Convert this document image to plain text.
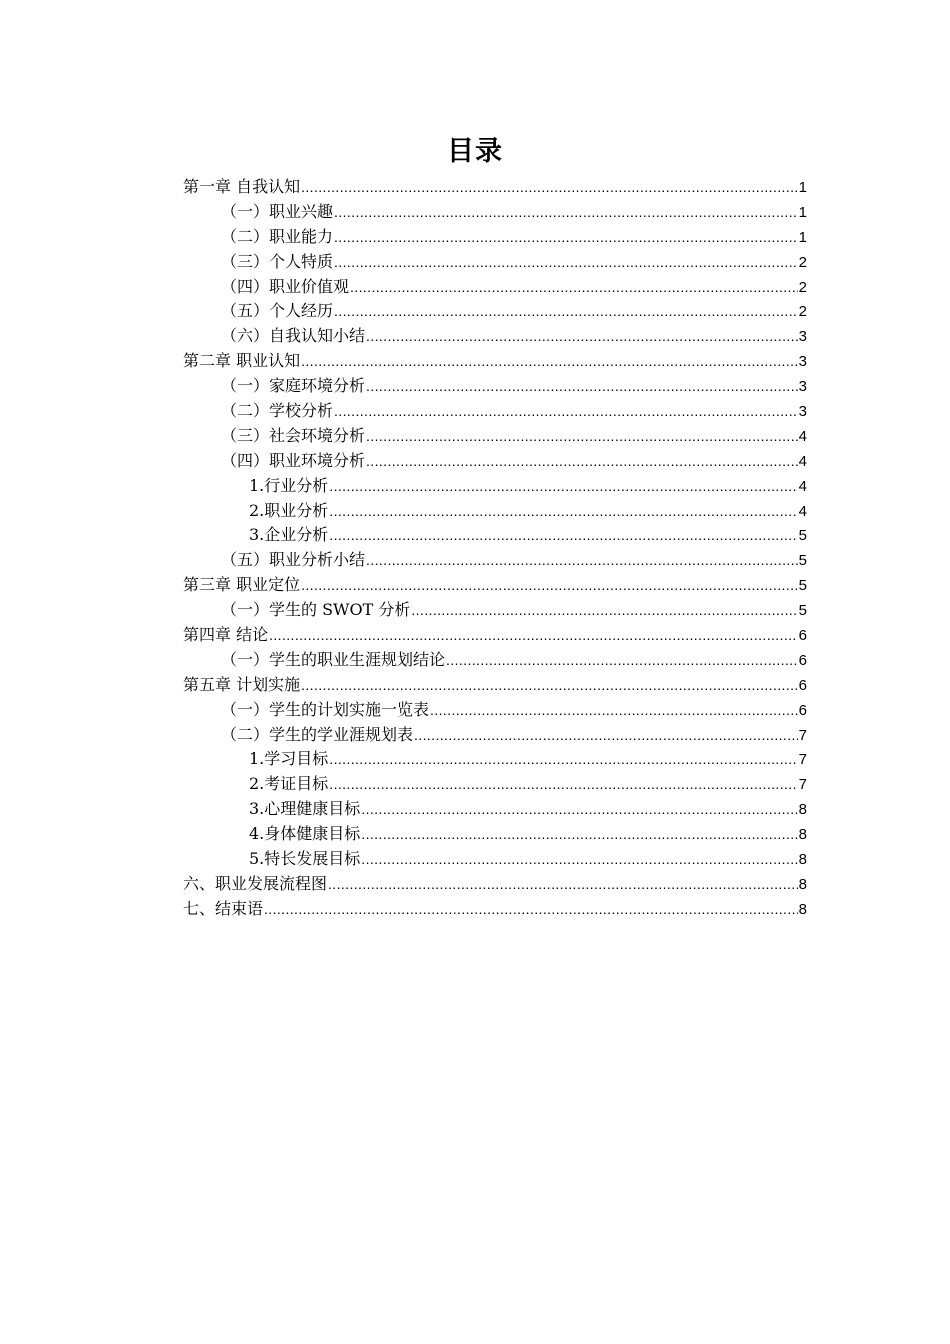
目录
第一章 自我认知 .....	1
（一）职业兴趣 .....	1
（二）职业能力 .....	1
（三）个人特质 .....	2
（四）职业价值观 .....	2
（五）个人经历 .....	2
（六）自我认知小结 .....	3
第二章 职业认知 .....	3
（一）家庭环境分析 .....	3
（二）学校分析 .....	3
（三）社会环境分析 .....	4
（四）职业环境分析 .....	4
1.行业分析 .....	4
2.职业分析 .....	4
3.企业分析 .....	5
（五）职业分析小结 .....	5
第三章 职业定位 .....	5
（一）学生的 SWOT 分析 .....	5
第四章 结论 .....	6
（一）学生的职业生涯规划结论 .....	6
第五章 计划实施 .....	6
（一）学生的计划实施一览表 .....	6
（二）学生的学业涯规划表 .....	7
1.学习目标 .....	7
2.考证目标 .....	7
3.心理健康目标 .....	8
4.身体健康目标 .....	8
5.特长发展目标 .....	8
六、职业发展流程图 .....	8
七、结束语 .....	8
